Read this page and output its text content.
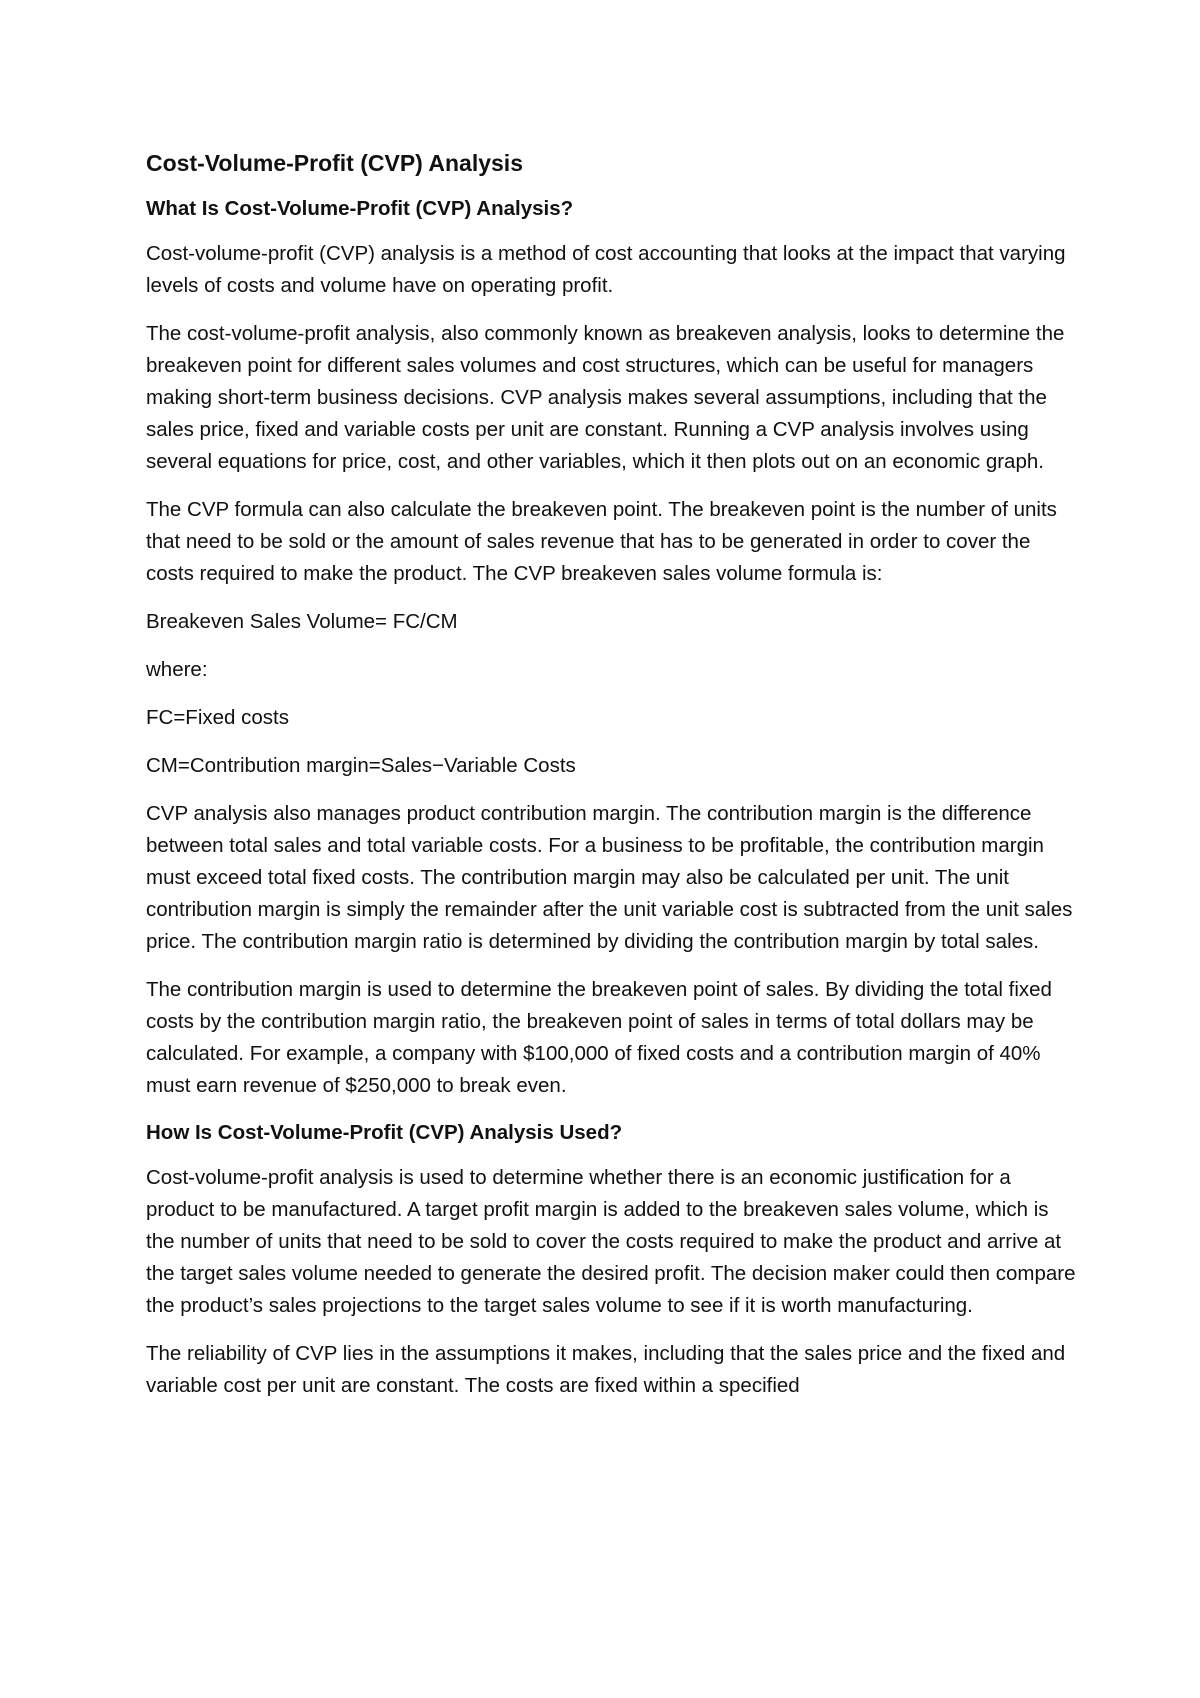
Cost-Volume-Profit (CVP) Analysis
What Is Cost-Volume-Profit (CVP) Analysis?

Cost-volume-profit (CVP) analysis is a method of cost accounting that looks at the impact that varying levels of costs and volume have on operating profit.

The cost-volume-profit analysis, also commonly known as breakeven analysis, looks to determine the breakeven point for different sales volumes and cost structures, which can be useful for managers making short-term business decisions. CVP analysis makes several assumptions, including that the sales price, fixed and variable costs per unit are constant. Running a CVP analysis involves using several equations for price, cost, and other variables, which it then plots out on an economic graph.

The CVP formula can also calculate the breakeven point. The breakeven point is the number of units that need to be sold or the amount of sales revenue that has to be generated in order to cover the costs required to make the product. The CVP breakeven sales volume formula is:

Breakeven Sales Volume= FC/CM

where:

FC=Fixed costs

CM=Contribution margin=Sales−Variable Costs

CVP analysis also manages product contribution margin. The contribution margin is the difference between total sales and total variable costs. For a business to be profitable, the contribution margin must exceed total fixed costs. The contribution margin may also be calculated per unit. The unit contribution margin is simply the remainder after the unit variable cost is subtracted from the unit sales price. The contribution margin ratio is determined by dividing the contribution margin by total sales.

The contribution margin is used to determine the breakeven point of sales. By dividing the total fixed costs by the contribution margin ratio, the breakeven point of sales in terms of total dollars may be calculated. For example, a company with $100,000 of fixed costs and a contribution margin of 40% must earn revenue of $250,000 to break even.

How Is Cost-Volume-Profit (CVP) Analysis Used?

Cost-volume-profit analysis is used to determine whether there is an economic justification for a product to be manufactured. A target profit margin is added to the breakeven sales volume, which is the number of units that need to be sold to cover the costs required to make the product and arrive at the target sales volume needed to generate the desired profit. The decision maker could then compare the product’s sales projections to the target sales volume to see if it is worth manufacturing.

The reliability of CVP lies in the assumptions it makes, including that the sales price and the fixed and variable cost per unit are constant. The costs are fixed within a specified
